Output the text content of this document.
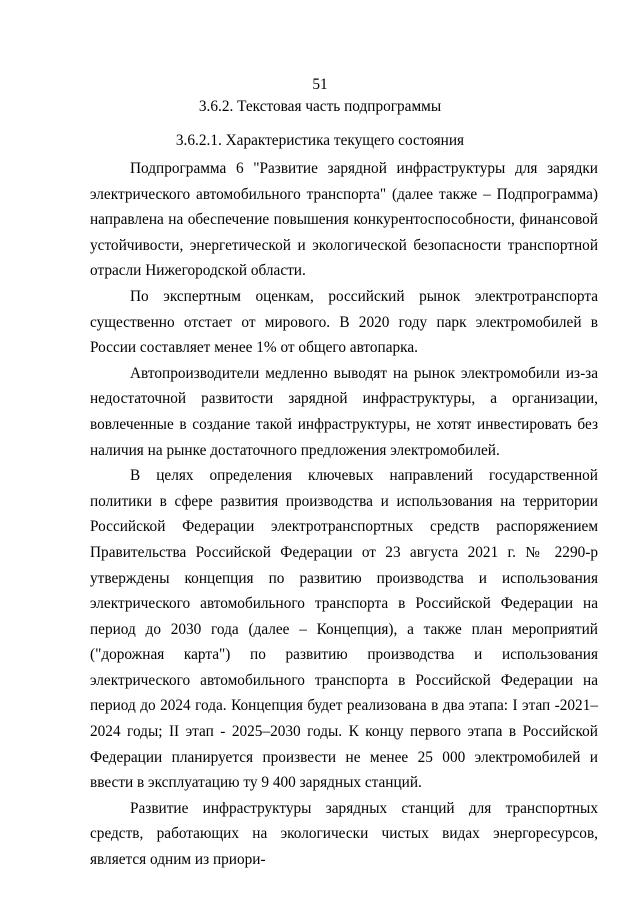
51
3.6.2. Текстовая часть подпрограммы
3.6.2.1. Характеристика текущего состояния

Подпрограмма 6 "Развитие зарядной инфраструктуры для зарядки электрического автомобильного транспорта" (далее также – Подпрограмма) направлена на обеспечение повышения конкурентоспособности, финансовой устойчивости, энергетической и экологической безопасности транспортной отрасли Нижегородской области.

По экспертным оценкам, российский рынок электротранспорта существенно отстает от мирового. В 2020 году парк электромобилей в России составляет менее 1% от общего автопарка.

Автопроизводители медленно выводят на рынок электромобили из-за недостаточной развитости зарядной инфраструктуры, а организации, вовлеченные в создание такой инфраструктуры, не хотят инвестировать без наличия на рынке достаточного предложения электромобилей.

В целях определения ключевых направлений государственной политики в сфере развития производства и использования на территории Российской Федерации электротранспортных средств распоряжением Правительства Российской Федерации от 23 августа 2021 г. № 2290-р утверждены концепция по развитию производства и использования электрического автомобильного транспорта в Российской Федерации на период до 2030 года (далее – Концепция), а также план мероприятий ("дорожная карта") по развитию производства и использования электрического автомобильного транспорта в Российской Федерации на период до 2024 года. Концепция будет реализована в два этапа: I этап -2021–2024 годы; II этап - 2025–2030 годы. К концу первого этапа в Российской Федерации планируется произвести не менее 25 000 электромобилей и ввести в эксплуатацию ту 9 400 зарядных станций.

Развитие инфраструктуры зарядных станций для транспортных средств, работающих на экологически чистых видах энергоресурсов, является одним из приори-
